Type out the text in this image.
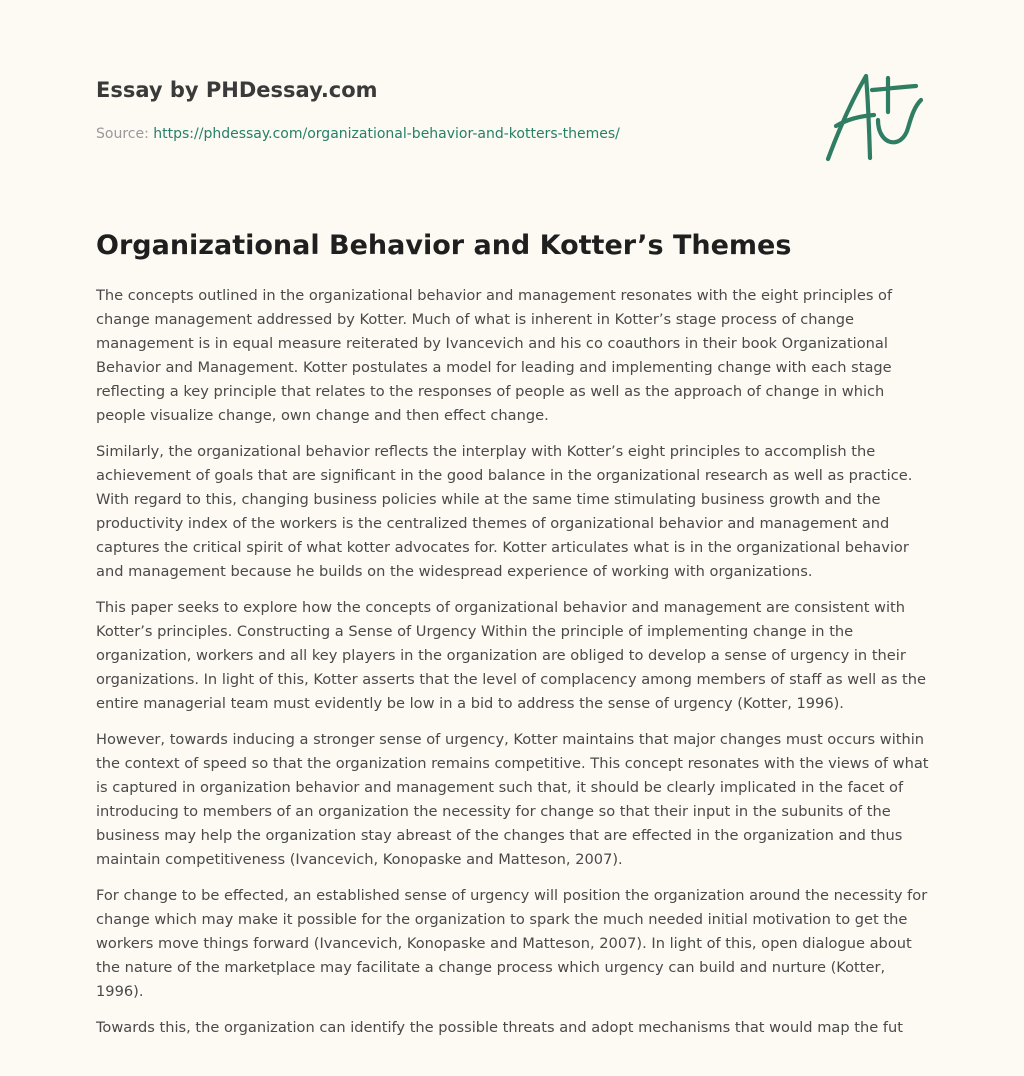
Essay by PHDessay.com
Source: https://phdessay.com/organizational-behavior-and-kotters-themes/
Organizational Behavior and Kotter’s Themes

The concepts outlined in the organizational behavior and management resonates with the eight principles of change management addressed by Kotter. Much of what is inherent in Kotter’s stage process of change management is in equal measure reiterated by Ivancevich and his co coauthors in their book Organizational Behavior and Management. Kotter postulates a model for leading and implementing change with each stage reflecting a key principle that relates to the responses of people as well as the approach of change in which people visualize change, own change and then effect change.

Similarly, the organizational behavior reflects the interplay with Kotter’s eight principles to accomplish the achievement of goals that are significant in the good balance in the organizational research as well as practice. With regard to this, changing business policies while at the same time stimulating business growth and the productivity index of the workers is the centralized themes of organizational behavior and management and captures the critical spirit of what kotter advocates for. Kotter articulates what is in the organizational behavior and management because he builds on the widespread experience of working with organizations.

This paper seeks to explore how the concepts of organizational behavior and management are consistent with Kotter’s principles. Constructing a Sense of Urgency Within the principle of implementing change in the organization, workers and all key players in the organization are obliged to develop a sense of urgency in their organizations. In light of this, Kotter asserts that the level of complacency among members of staff as well as the entire managerial team must evidently be low in a bid to address the sense of urgency (Kotter, 1996).

However, towards inducing a stronger sense of urgency, Kotter maintains that major changes must occurs within the context of speed so that the organization remains competitive. This concept resonates with the views of what is captured in organization behavior and management such that, it should be clearly implicated in the facet of introducing to members of an organization the necessity for change so that their input in the subunits of the business may help the organization stay abreast of the changes that are effected in the organization and thus maintain competitiveness (Ivancevich, Konopaske and Matteson, 2007).

For change to be effected, an established sense of urgency will position the organization around the necessity for change which may make it possible for the organization to spark the much needed initial motivation to get the workers move things forward (Ivancevich, Konopaske and Matteson, 2007). In light of this, open dialogue about the nature of the marketplace may facilitate a change process which urgency can build and nurture (Kotter, 1996).

Towards this, the organization can identify the possible threats and adopt mechanisms that would map the fut
